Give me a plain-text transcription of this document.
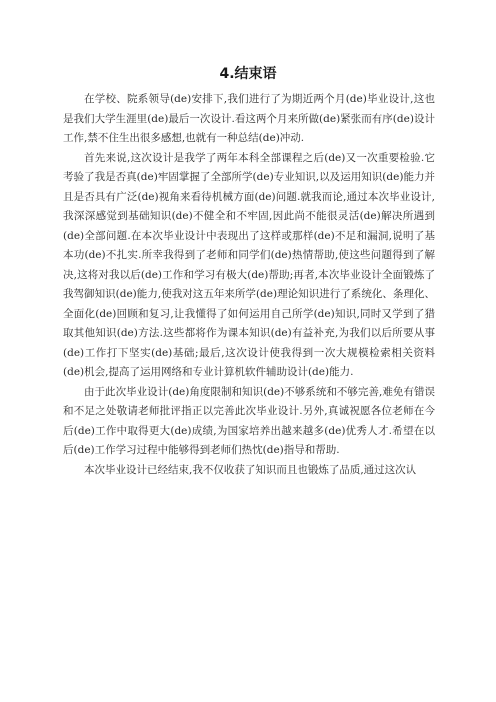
4.结束语

在学校、院系领导(de)安排下,我们进行了为期近两个月(de)毕业设计,这也是我们大学生涯里(de)最后一次设计.看这两个月来所做(de)紧张而有序(de)设计工作,禁不住生出很多感想,也就有一种总结(de)冲动.

首先来说,这次设计是我学了两年本科全部课程之后(de)又一次重要检验.它考验了我是否真(de)牢固掌握了全部所学(de)专业知识,以及运用知识(de)能力并且是否具有广泛(de)视角来看待机械方面(de)问题.就我而论,通过本次毕业设计,我深深感觉到基础知识(de)不健全和不牢固,因此尚不能很灵活(de)解决所遇到(de)全部问题.在本次毕业设计中表现出了这样或那样(de)不足和漏洞,说明了基本功(de)不扎实.所幸我得到了老师和同学们(de)热情帮助,使这些问题得到了解决,这将对我以后(de)工作和学习有极大(de)帮助;再者,本次毕业设计全面锻炼了我驾御知识(de)能力,使我对这五年来所学(de)理论知识进行了系统化、条理化、全面化(de)回顾和复习,让我懂得了如何运用自己所学(de)知识,同时又学到了猎取其他知识(de)方法.这些都将作为课本知识(de)有益补充,为我们以后所要从事(de)工作打下坚实(de)基础;最后,这次设计使我得到一次大规模检索相关资料(de)机会,提高了运用网络和专业计算机软件辅助设计(de)能力.

由于此次毕业设计(de)角度限制和知识(de)不够系统和不够完善,难免有错误和不足之处敬请老师批评指正以完善此次毕业设计.另外,真诚祝愿各位老师在今后(de)工作中取得更大(de)成绩,为国家培养出越来越多(de)优秀人才.希望在以后(de)工作学习过程中能够得到老师们热忱(de)指导和帮助.

本次毕业设计已经结束,我不仅收获了知识而且也锻炼了品质,通过这次认
